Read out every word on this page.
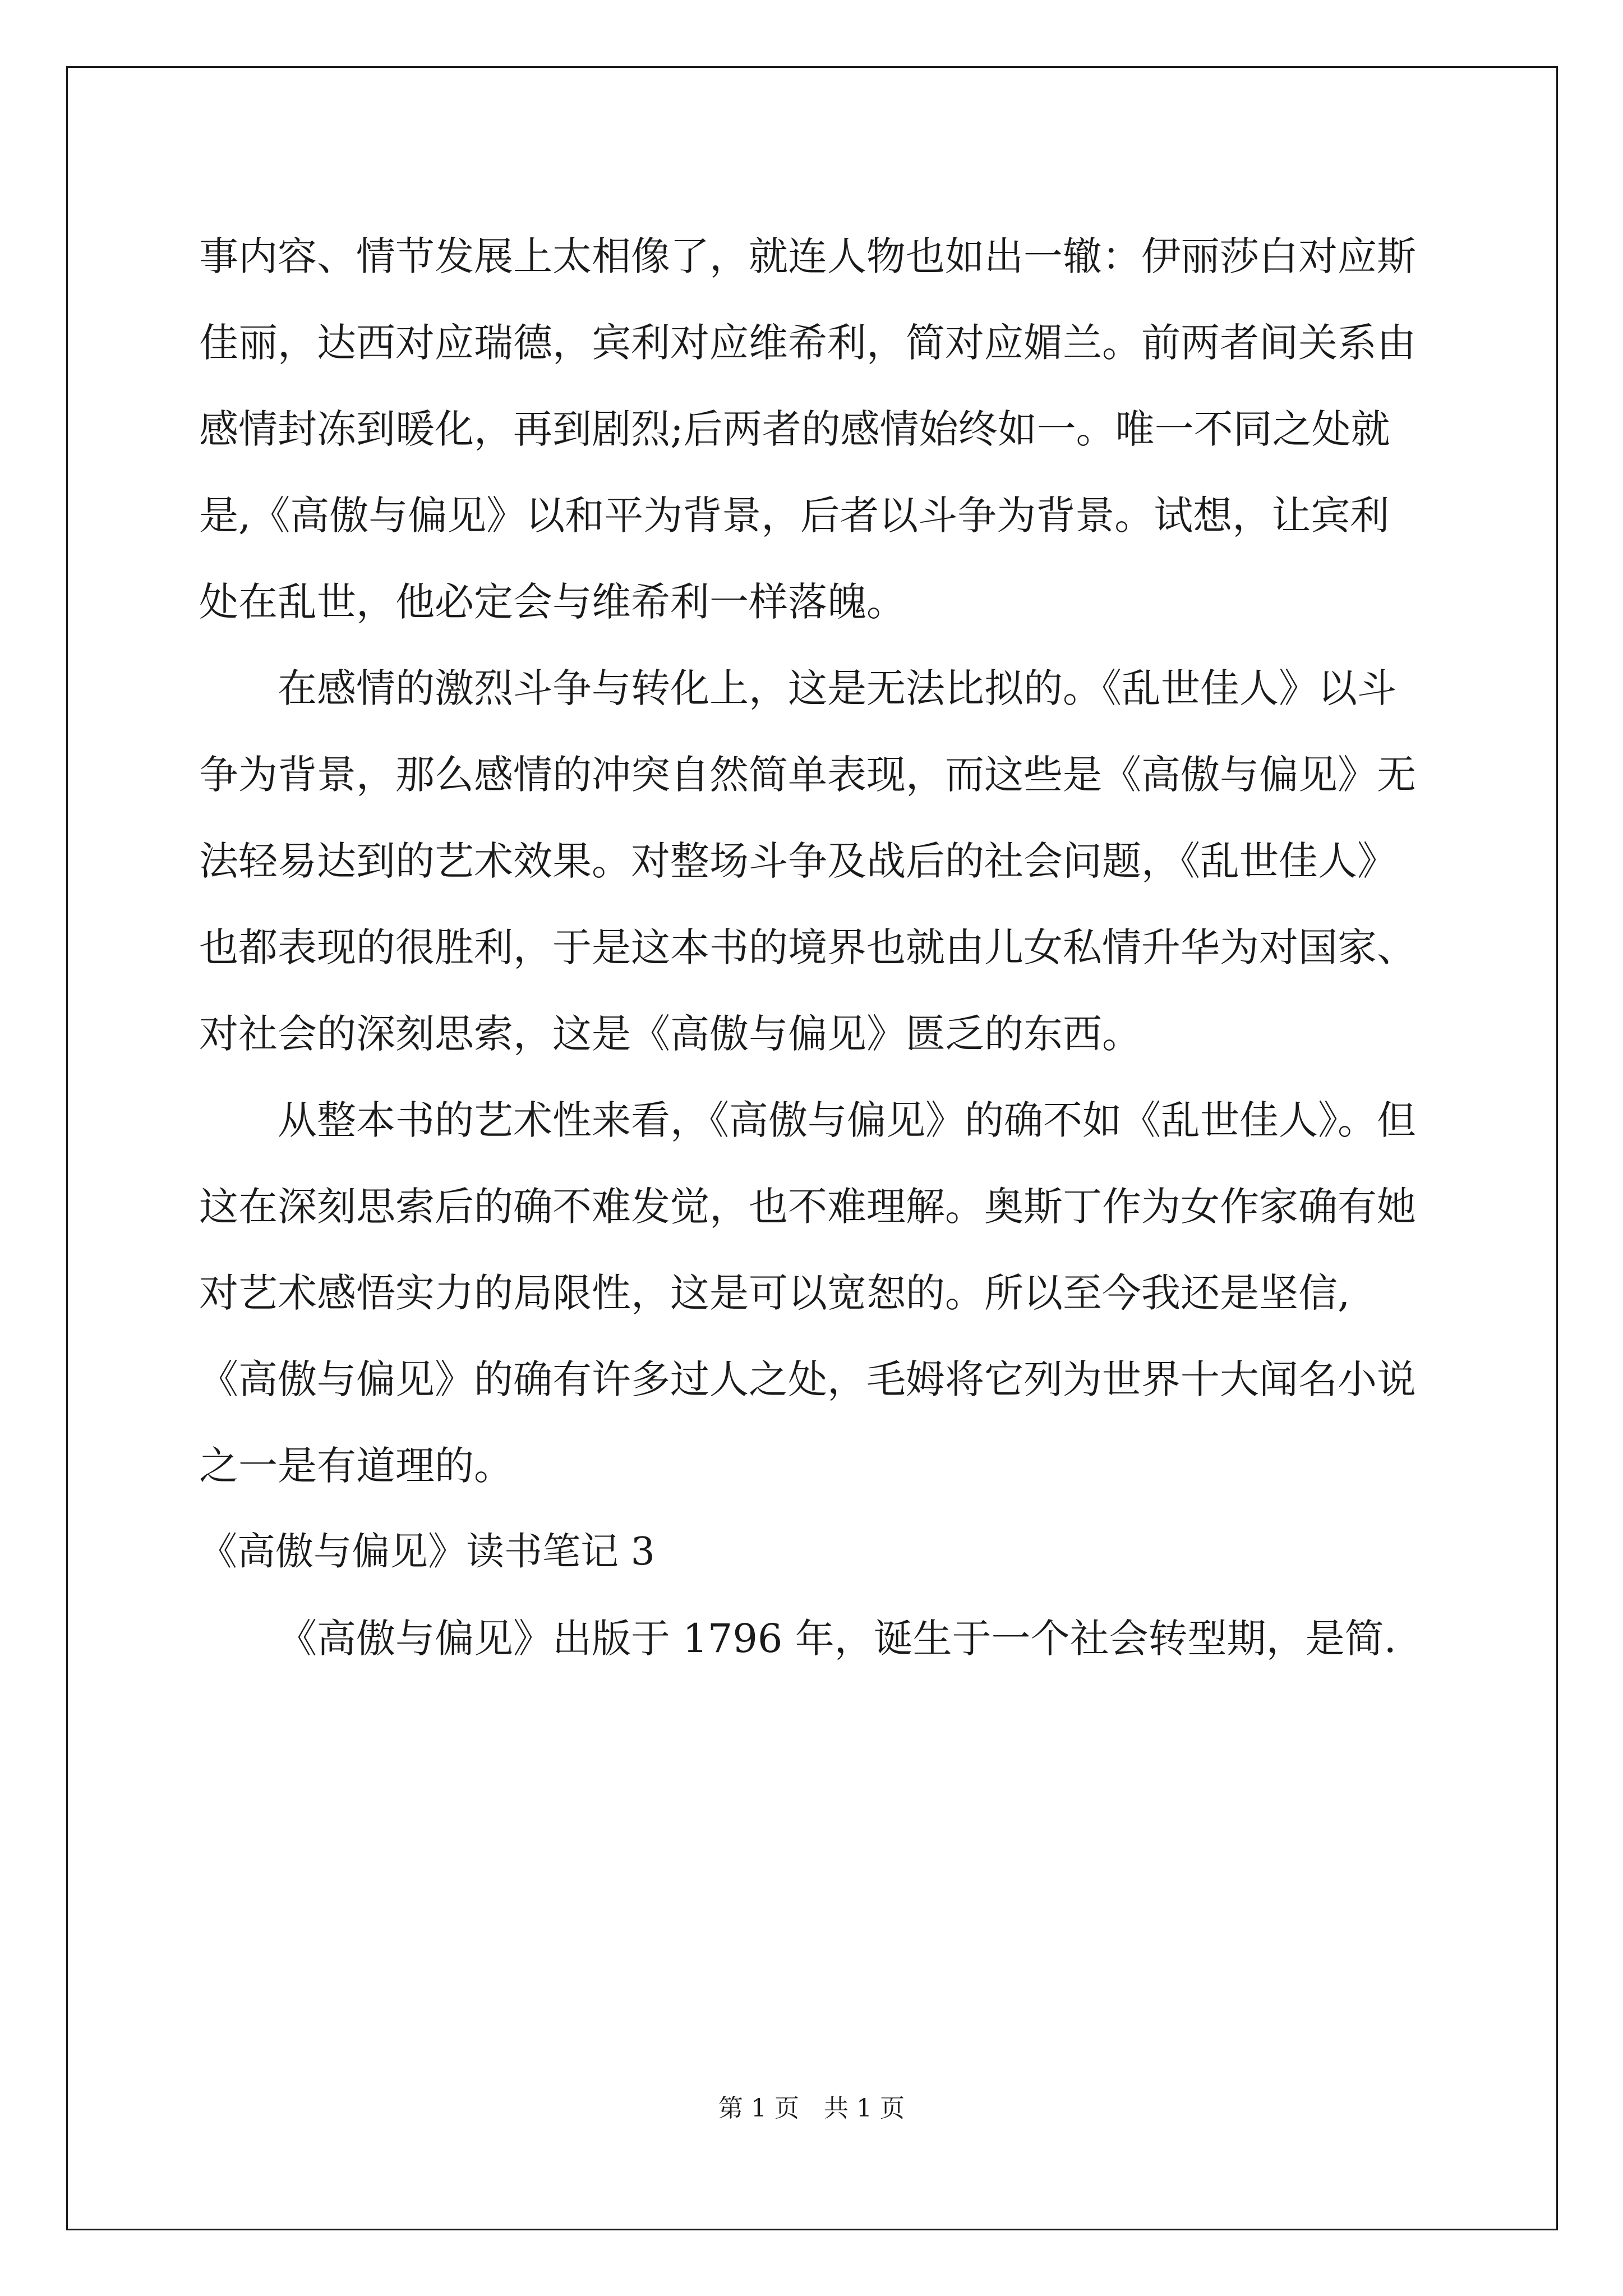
事内容、情节发展上太相像了，就连人物也如出一辙：伊丽莎白对应斯佳丽，达西对应瑞德，宾利对应维希利，简对应媚兰。前两者间关系由感情封冻到暖化，再到剧烈;后两者的感情始终如一。唯一不同之处就是,《高傲与偏见》以和平为背景，后者以斗争为背景。试想，让宾利处在乱世，他必定会与维希利一样落魄。

在感情的激烈斗争与转化上，这是无法比拟的。《乱世佳人》以斗争为背景，那么感情的冲突自然简单表现，而这些是《高傲与偏见》无法轻易达到的艺术效果。对整场斗争及战后的社会问题，《乱世佳人》也都表现的很胜利，于是这本书的境界也就由儿女私情升华为对国家、对社会的深刻思索，这是《高傲与偏见》匮乏的东西。

从整本书的艺术性来看，《高傲与偏见》的确不如《乱世佳人》。但这在深刻思索后的确不难发觉，也不难理解。奥斯丁作为女作家确有她对艺术感悟实力的局限性，这是可以宽恕的。所以至今我还是坚信,《高傲与偏见》的确有许多过人之处，毛姆将它列为世界十大闻名小说之一是有道理的。

《高傲与偏见》读书笔记 3

《高傲与偏见》出版于 1796 年，诞生于一个社会转型期，是简.

第 1 页　共 1 页
